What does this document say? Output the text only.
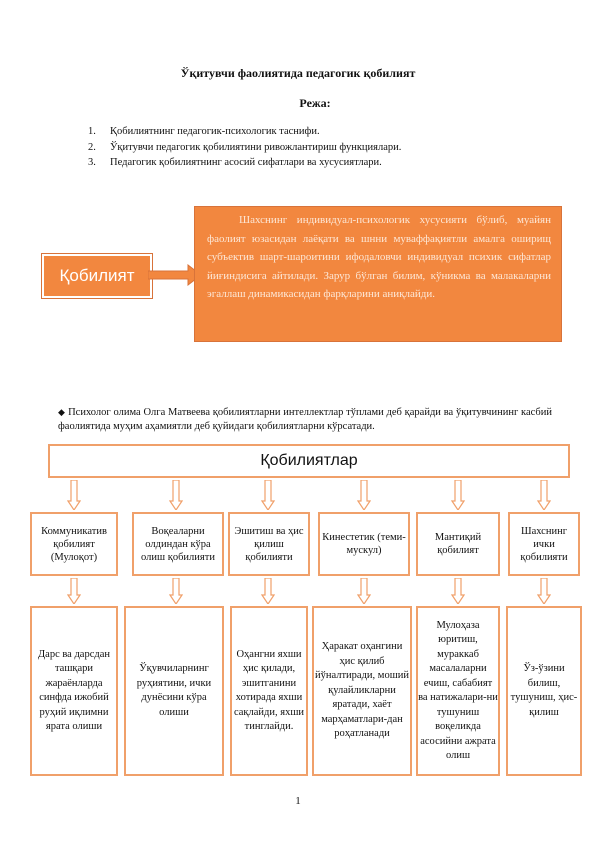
Ўқитувчи фаолиятида педагогик қобилият
Режа:
1.	Қобилиятнинг педагогик-психологик таснифи.
2.	Ўқитувчи педагогик қобилиятини ривожлантириш функциялари.
3.	Педагогик қобилиятнинг асосий сифатлари ва хусусиятлари.
Қобилият

Шахснинг индивидуал-психологик хусусияти бўлиб, муайян фаолият юзасидан лаёқати ва шнни муваффақиятли амалга оширищ субъектив шарт-шароитини ифодаловчи индивидуал психик сифатлар йиғиндисига айтилади. Зарур бўлган билим, кўникма ва малакаларни эгаллаш динамикасидан фарқларини аниқлайди.

◆ Психолог олима Олга Матвеева қобилиятларни интеллектлар тўплами деб қарайди ва ўқитувчининг касбий фаолиятида муҳим аҳамиятли деб қуйидаги қобилиятларни кўрсатади.
Қобилиятлар
Коммуникатив қобилият (Мулоқот)
Воқеаларни олдиндан кўра олиш қобилияти
Эшитиш ва ҳис қилиш қобилияти
Кинестетик (теми-мускул)
Мантиқий қобилият
Шахснинг ички қобилияти
Дарс ва дарсдан ташқари жараёнларда синфда ижобий руҳий иқлимни ярата олиши
Ўқувчиларнинг руҳиятини, ички дунёсини кўра олиши
Оҳангни яхши ҳис қилади, эшитганини хотирада яхши сақлайди, яхши тинглайди.
Ҳаракат оҳангини ҳис қилиб йўналтиради, моший қулайликларни яратади, хаёт марҳаматлари-дан роҳатланади
Мулоҳаза юритиш, мураккаб масалаларни ечиш, сабабият ва натижалари-ни тушуниш воқеликда асосийни ажрата олиш
Ўз-ўзини билиш, тушуниш, ҳис-қилиш
1
